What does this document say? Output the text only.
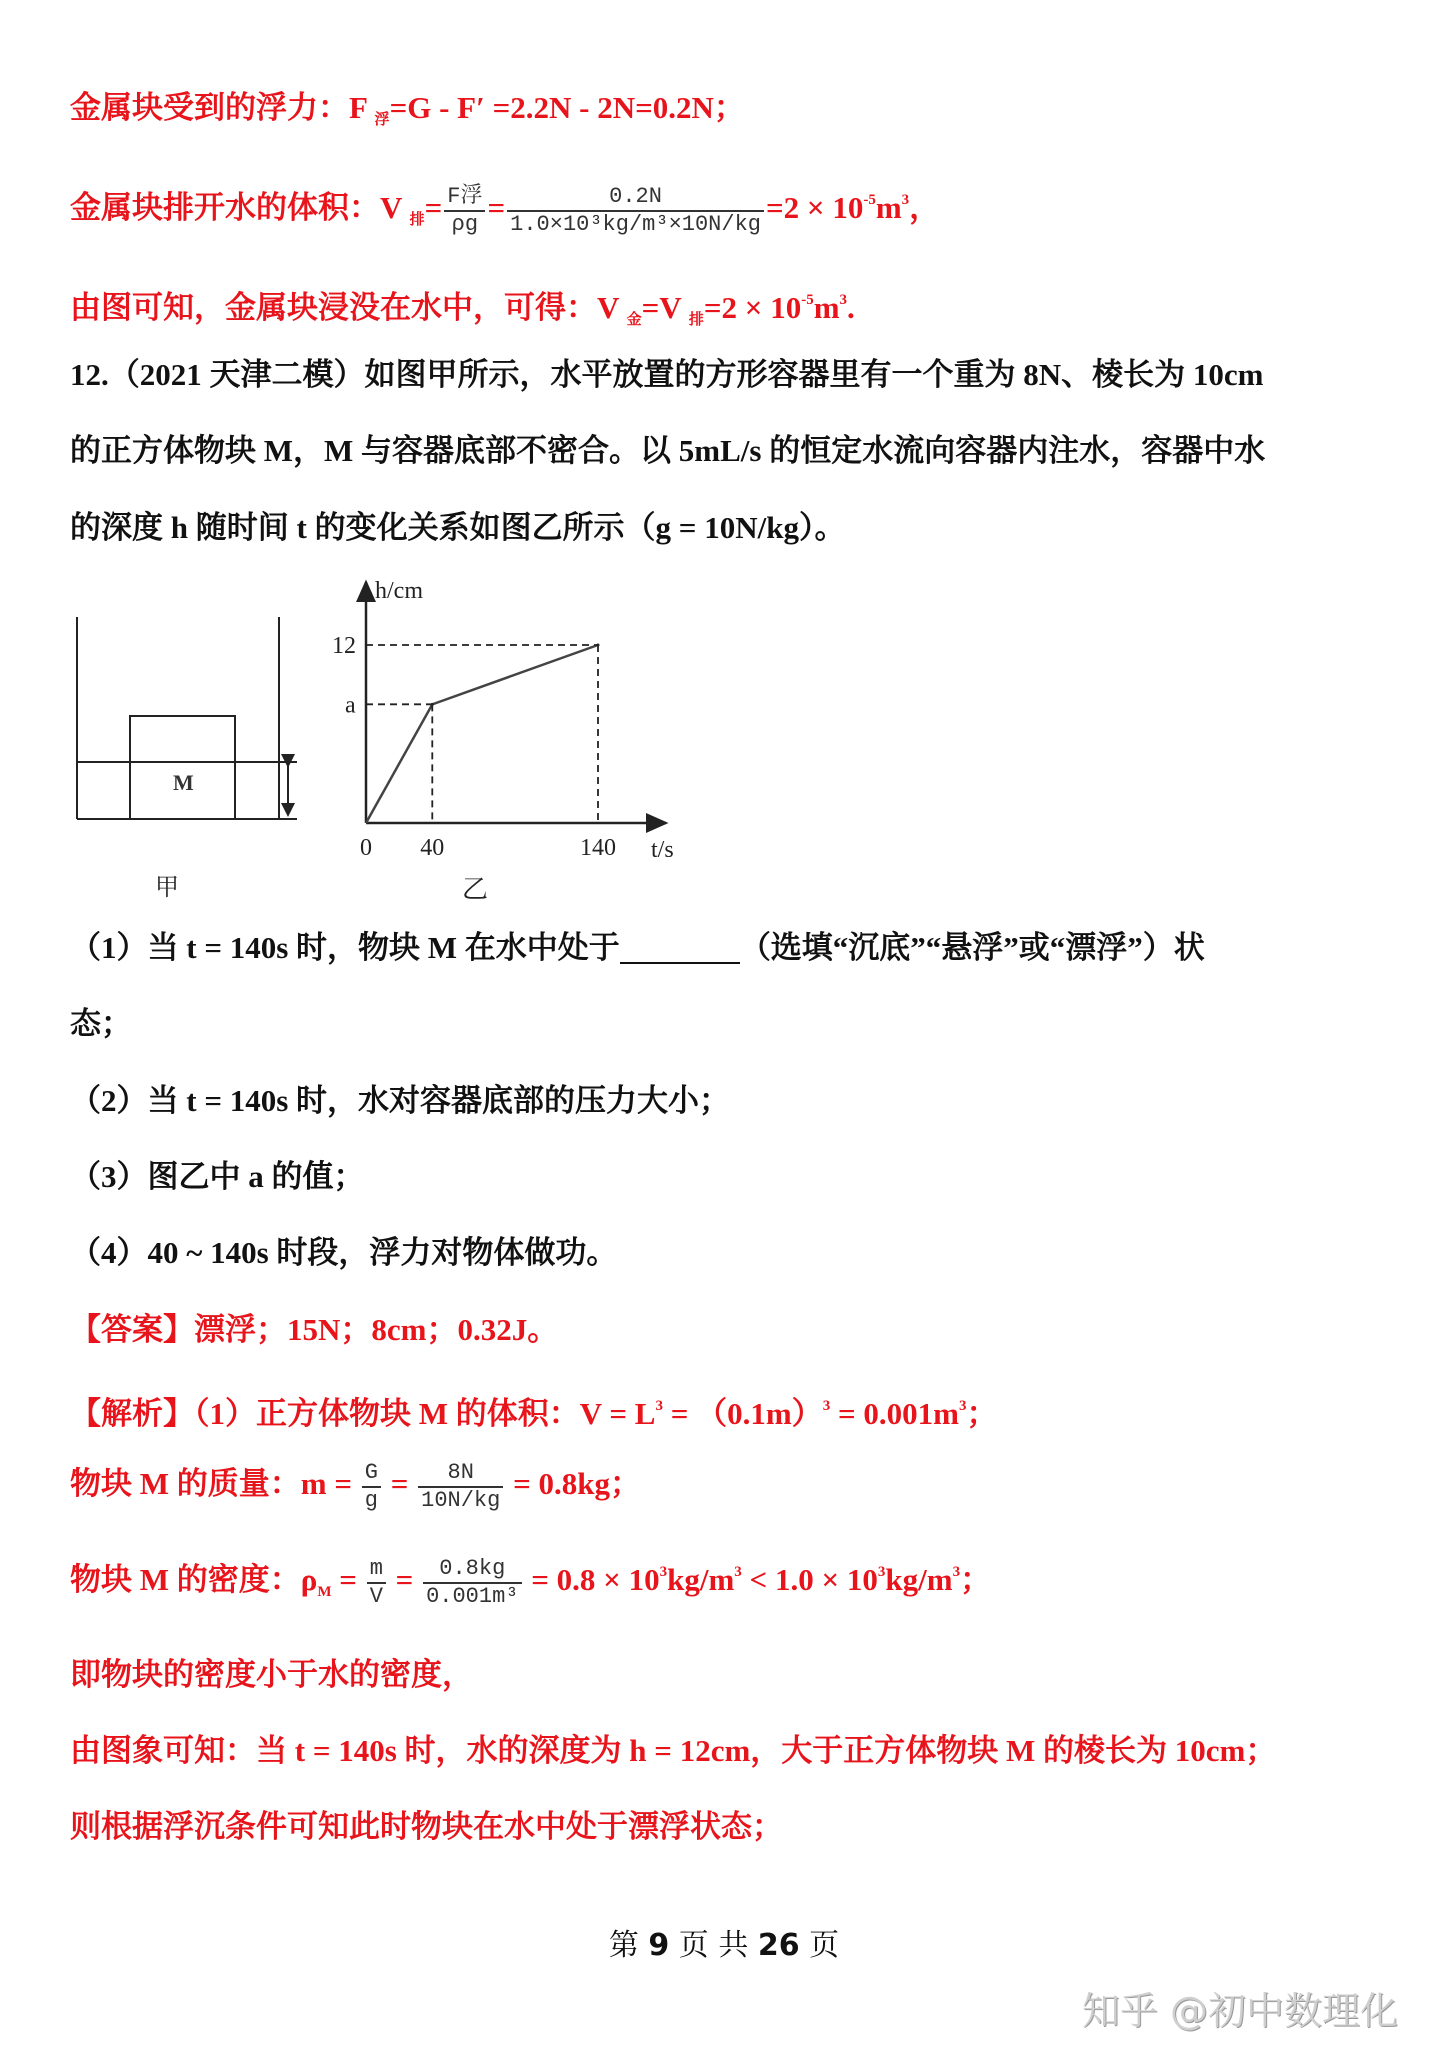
金属块受到的浮力：F $_浮$=G - F′ =2.2N - 2N=0.2N；
金属块排开水的体积：V $_排= \frac{\text{F浮}}{\rho g} = \frac{0.2N}{\text{1.0×10³kg/m³×10N/kg}} =2 \times 10^{-5}m^3$，
由图可知，金属块浸没在水中，可得：V $_金$=V $_排=2 \times 10^{-5}m^3$.
12.（2021 天津二模）如图甲所示，水平放置的方形容器里有一个重为 8N、棱长为 10cm
的正方体物块 M，M 与容器底部不密合。以 5mL/s 的恒定水流向容器内注水，容器中水
的深度 h 随时间 t 的变化关系如图乙所示（g = 10N/kg）。
M
甲
h/cm
t/s
0 40	140
a
12
乙
（1）当 t = 140s 时，物块 M 在水中处于	（选填“沉底”“悬浮”或“漂浮”）状
态；
（2）当 t = 140s 时，水对容器底部的压力大小；
（3）图乙中 a 的值；
（4）40 ~ 140s 时段，浮力对物体做功。
【答案】漂浮；15N；8cm；0.32J。
【解析】（1）正方体物块 M 的体积：$V = L^3 = (0.1m)^3 = 0.001m^3$；
物块 M 的质量：$m = \frac{G}{g} = \frac{8N}{10N/kg} = 0.8kg$；
物块 M 的密度：$\rho_M = \frac{m}{V} = \frac{0.8kg}{\text{0.001m³}} = 0.8 \times 10^3kg/m^3 < 1.0 \times 10^3kg/m^3$；
即物块的密度小于水的密度，
由图象可知：当 t = 140s 时，水的深度为 h = 12cm，大于正方体物块 M 的棱长为 10cm；
则根据浮沉条件可知此时物块在水中处于漂浮状态；
第 9 页 共 26 页
知乎 @初中数理化
